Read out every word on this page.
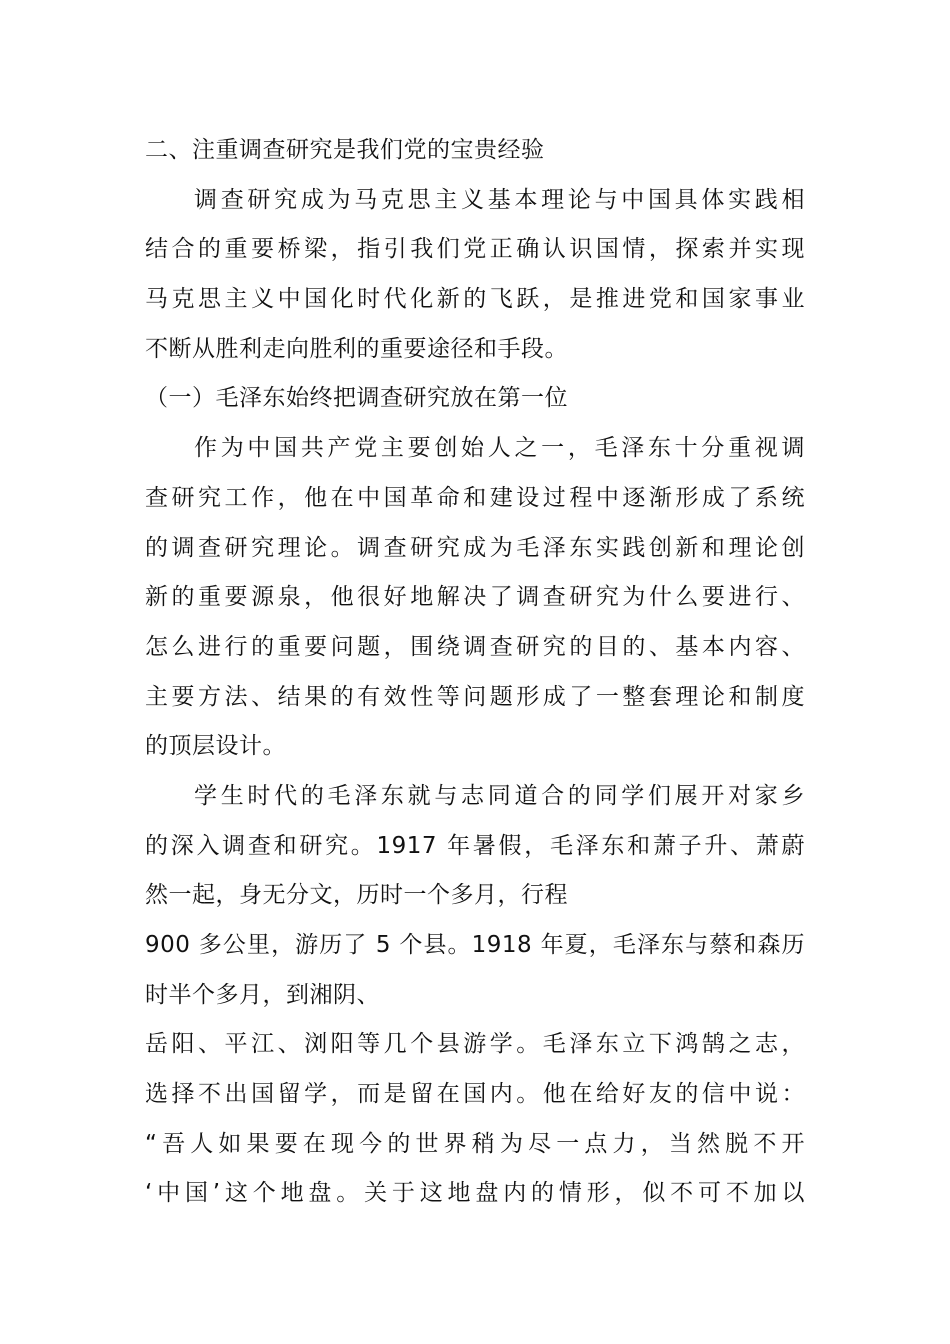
二、注重调查研究是我们党的宝贵经验
调查研究成为马克思主义基本理论与中国具体实践相
结合的重要桥梁，指引我们党正确认识国情，探索并实现
马克思主义中国化时代化新的飞跃，是推进党和国家事业
不断从胜利走向胜利的重要途径和手段。
（一）毛泽东始终把调查研究放在第一位
作为中国共产党主要创始人之一，毛泽东十分重视调
查研究工作，他在中国革命和建设过程中逐渐形成了系统
的调查研究理论。调查研究成为毛泽东实践创新和理论创
新的重要源泉，他很好地解决了调查研究为什么要进行、
怎么进行的重要问题，围绕调查研究的目的、基本内容、
主要方法、结果的有效性等问题形成了一整套理论和制度
的顶层设计。
学生时代的毛泽东就与志同道合的同学们展开对家乡
的深入调查和研究。1917 年暑假，毛泽东和萧子升、萧蔚
然一起，身无分文，历时一个多月，行程
900 多公里，游历了 5 个县。1918 年夏，毛泽东与蔡和森历
时半个多月，到湘阴、
岳阳、平江、浏阳等几个县游学。毛泽东立下鸿鹄之志，
选择不出国留学，而是留在国内。他在给好友的信中说：
“吾人如果要在现今的世界稍为尽一点力，当然脱不开
‘中国’这个地盘。关于这地盘内的情形，似不可不加以
